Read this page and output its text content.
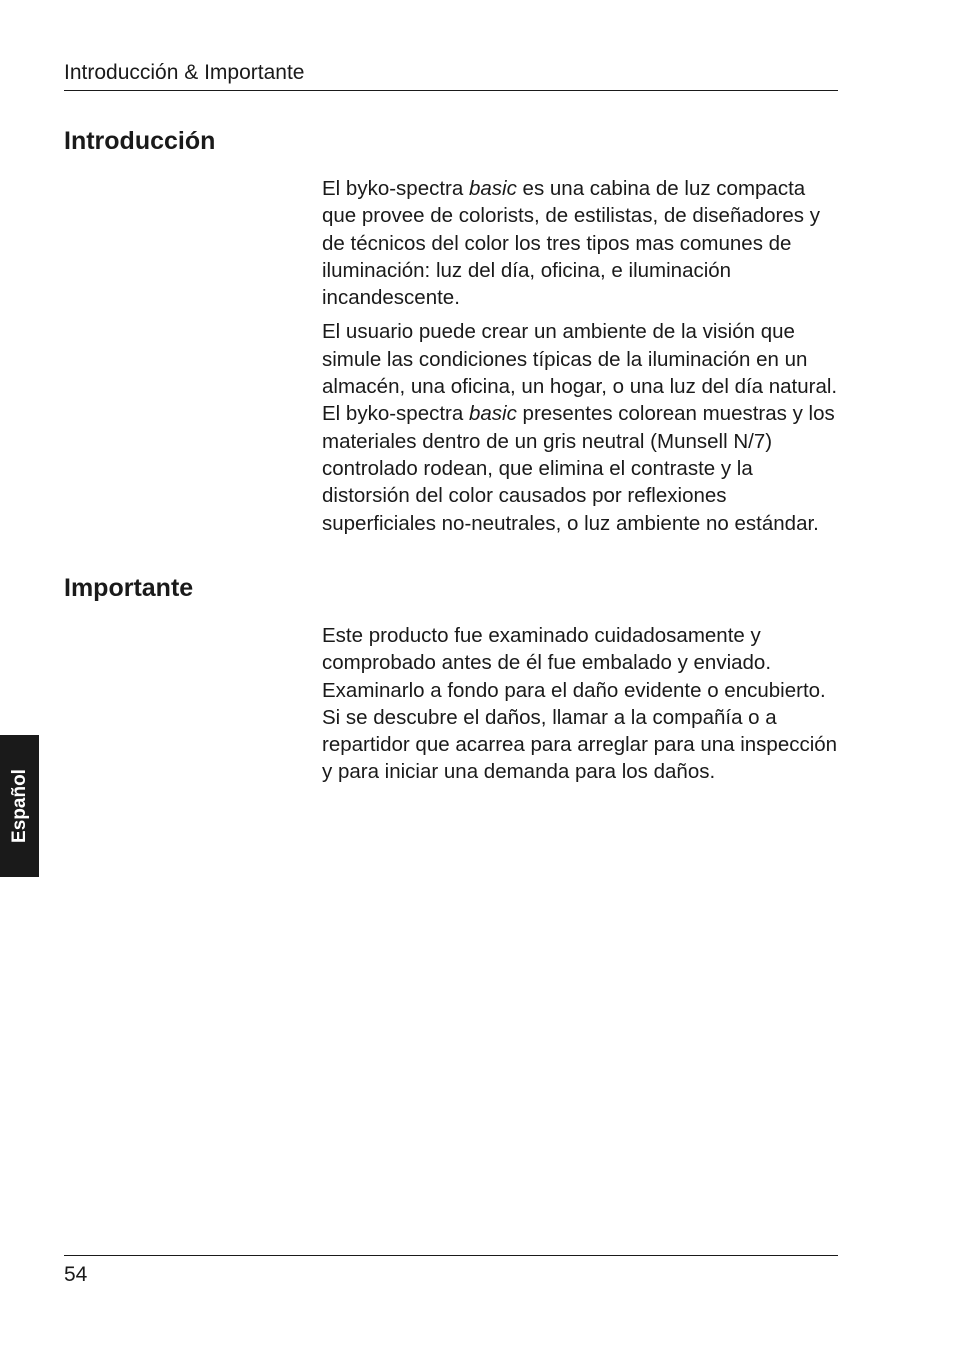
Introducción & Importante
Introducción

El byko-spectra basic es una cabina de luz compacta que provee de colorists, de estilistas, de diseñadores y de técnicos del color los tres tipos mas comunes de iluminación: luz del día, oficina, e iluminación incandescente.

El usuario puede crear un ambiente de la visión que simule las condiciones típicas de la iluminación en un almacén, una oficina, un hogar, o una luz del día natural. El byko-spectra basic presentes colorean muestras y los materiales dentro de un gris neutral (Munsell N/7) controlado rodean, que elimina el contraste y la distorsión del color causados por reflexiones superficiales no-neutrales, o luz ambiente no estándar.

Importante

Este producto fue examinado cuidadosamente y comprobado antes de él fue embalado y enviado. Examinarlo a fondo para el daño evidente o encubierto. Si se descubre el daños, llamar a la compañía o a repartidor que acarrea para arreglar para una inspección y para iniciar una demanda para los daños.

Español
54
